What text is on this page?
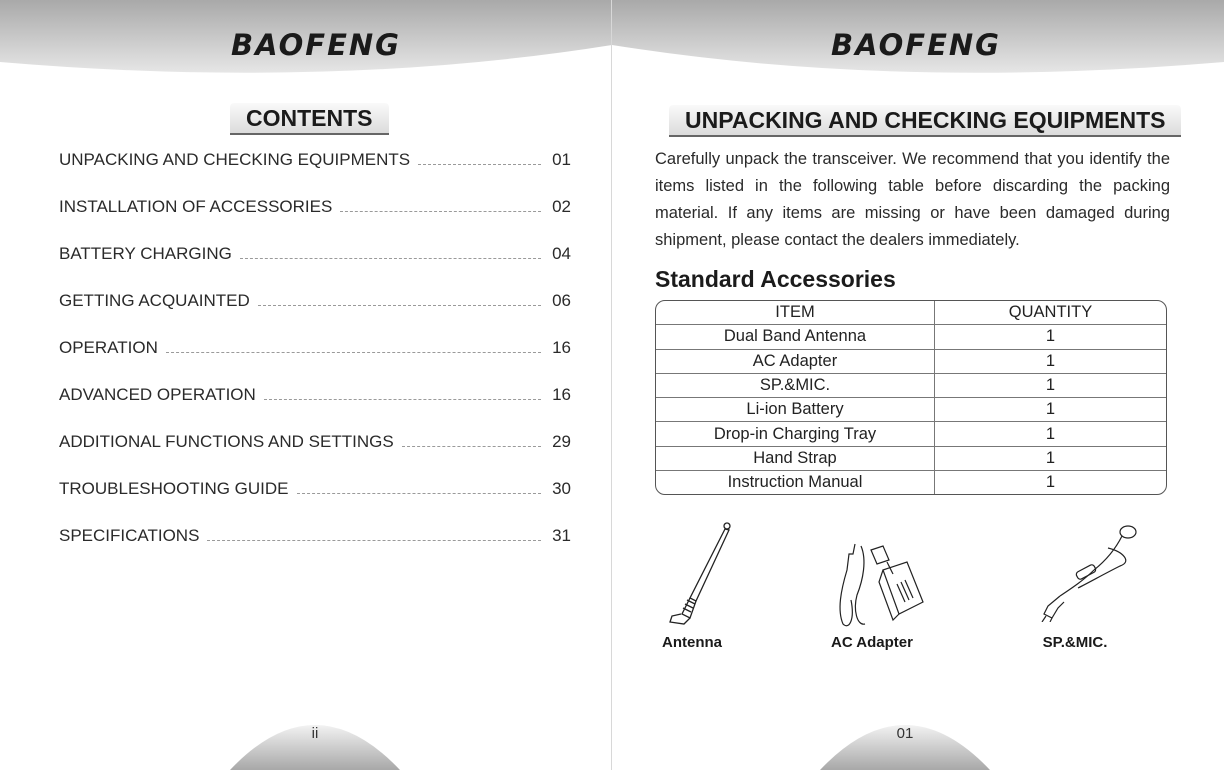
BAOFENG
CONTENTS
UNPACKING AND CHECKING EQUIPMENTS	01
INSTALLATION OF ACCESSORIES	02
BATTERY CHARGING	04
GETTING ACQUAINTED	06
OPERATION	16
ADVANCED OPERATION	16
ADDITIONAL FUNCTIONS AND SETTINGS	29
TROUBLESHOOTING GUIDE	30
SPECIFICATIONS	31
ii
BAOFENG
UNPACKING AND CHECKING EQUIPMENTS

Carefully unpack the transceiver. We recommend that you identify the items listed in the following table before discarding the packing material. If any items are missing or have been damaged during shipment, please contact the dealers immediately.

Standard Accessories
ITEM	QUANTITY
Dual Band Antenna	1
AC Adapter	1
SP.&MIC.	1
Li-ion Battery	1
Drop-in Charging Tray	1
Hand Strap	1
Instruction Manual	1
Antenna	AC Adapter	SP.&MIC.
01
